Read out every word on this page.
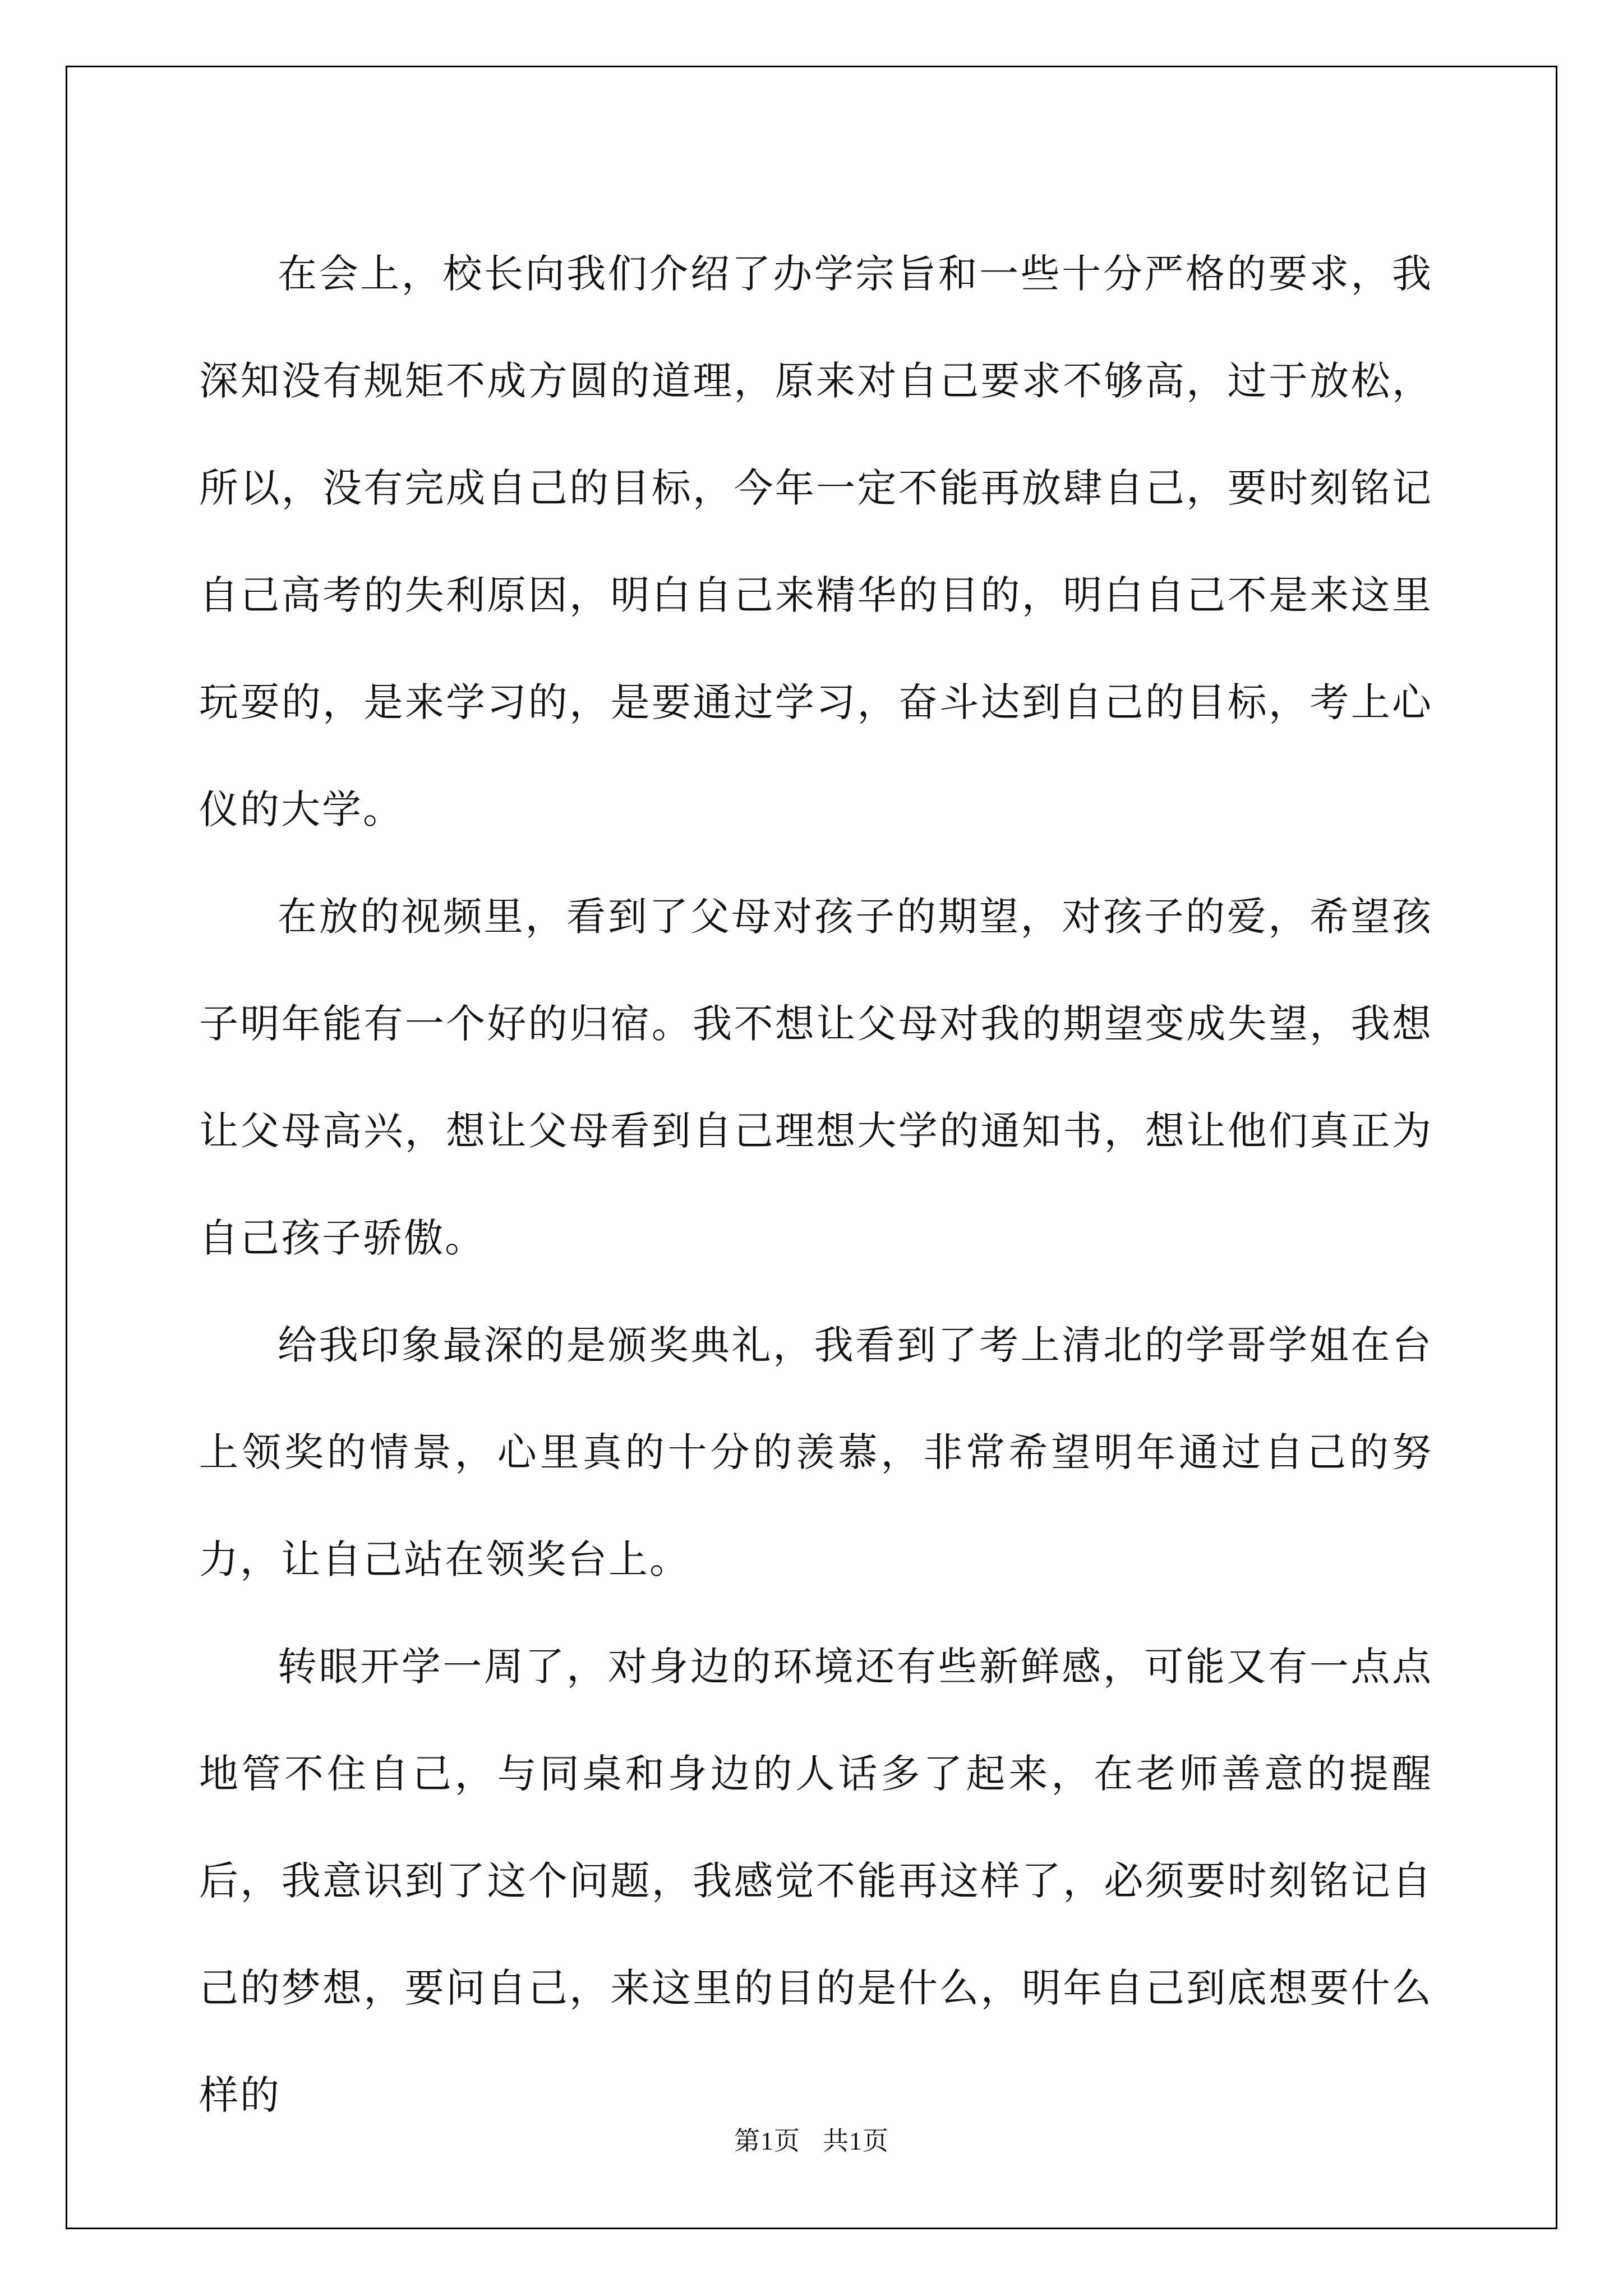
在会上，校长向我们介绍了办学宗旨和一些十分严格的要求，我深知没有规矩不成方圆的道理，原来对自己要求不够高，过于放松，所以，没有完成自己的目标，今年一定不能再放肆自己，要时刻铭记自己高考的失利原因，明白自己来精华的目的，明白自己不是来这里玩耍的，是来学习的，是要通过学习，奋斗达到自己的目标，考上心仪的大学。

在放的视频里，看到了父母对孩子的期望，对孩子的爱，希望孩子明年能有一个好的归宿。我不想让父母对我的期望变成失望，我想让父母高兴，想让父母看到自己理想大学的通知书，想让他们真正为自己孩子骄傲。

给我印象最深的是颁奖典礼，我看到了考上清北的学哥学姐在台上领奖的情景，心里真的十分的羡慕，非常希望明年通过自己的努力，让自己站在领奖台上。

转眼开学一周了，对身边的环境还有些新鲜感，可能又有一点点地管不住自己，与同桌和身边的人话多了起来，在老师善意的提醒后，我意识到了这个问题，我感觉不能再这样了，必须要时刻铭记自己的梦想，要问自己，来这里的目的是什么，明年自己到底想要什么样的

第1页 共1页
